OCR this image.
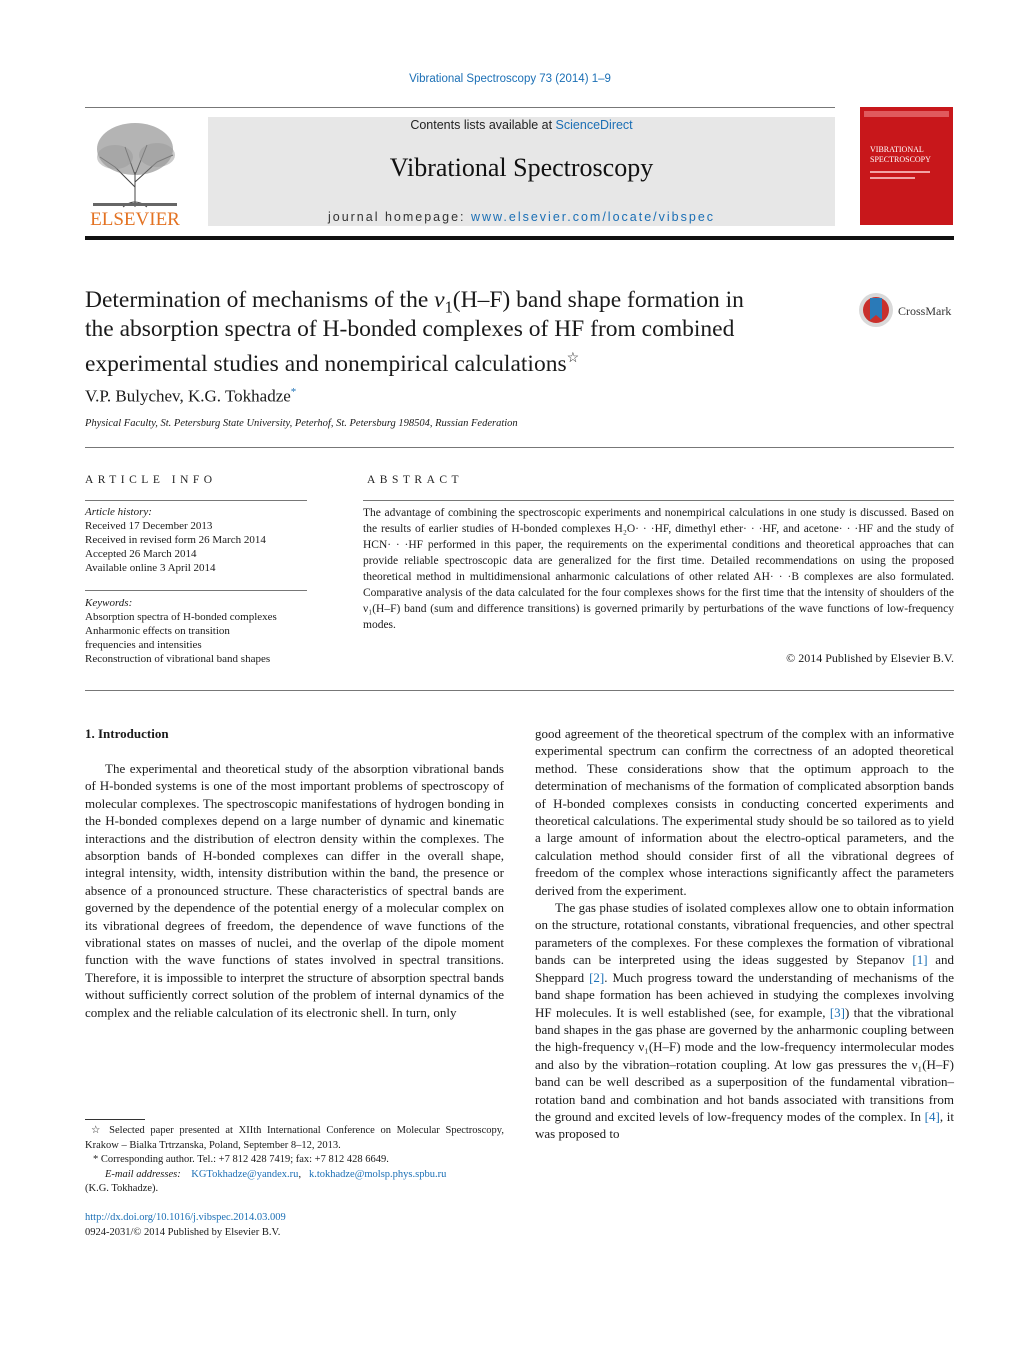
Vibrational Spectroscopy 73 (2014) 1–9
ELSEVIER
Contents lists available at ScienceDirect
Vibrational Spectroscopy
journal homepage: www.elsevier.com/locate/vibspec
VIBRATIONAL
SPECTROSCOPY
Determination of mechanisms of the $\nu_1(H-F)$ band shape formation in
the absorption spectra of H-bonded complexes of HF from combined
experimental studies and nonempirical calculations☆
CrossMark
V.P. Bulychev, K.G. Tokhadze*
Physical Faculty, St. Petersburg State University, Peterhof, St. Petersburg 198504, Russian Federation
ARTICLE INFO
Article history:
Received 17 December 2013
Received in revised form 26 March 2014
Accepted 26 March 2014
Available online 3 April 2014
Keywords:
Absorption spectra of H-bonded complexes
Anharmonic effects on transition
frequencies and intensities
Reconstruction of vibrational band shapes
ABSTRACT
The advantage of combining the spectroscopic experiments and nonempirical calculations in one study is discussed. Based on the results of earlier studies of H-bonded complexes H₂O· · ·HF, dimethyl ether· · ·HF, and acetone· · ·HF and the study of HCN· · ·HF performed in this paper, the requirements on the experimental conditions and theoretical approaches that can provide reliable spectroscopic data are generalized for the first time. Detailed recommendations on using the proposed theoretical method in multidimensional anharmonic calculations of other related AH· · ·B complexes are also formulated. Comparative analysis of the data calculated for the four complexes shows for the first time that the intensity of shoulders of the ν₁(H–F) band (sum and difference transitions) is governed primarily by perturbations of the wave functions of low-frequency modes.
© 2014 Published by Elsevier B.V.
1. Introduction

The experimental and theoretical study of the absorption vibrational bands of H-bonded systems is one of the most important problems of spectroscopy of molecular complexes. The spectroscopic manifestations of hydrogen bonding in the H-bonded complexes depend on a large number of dynamic and kinematic interactions and the distribution of electron density within the complexes. The absorption bands of H-bonded complexes can differ in the overall shape, integral intensity, width, intensity distribution within the band, the presence or absence of a pronounced structure. These characteristics of spectral bands are governed by the dependence of the potential energy of a molecular complex on its vibrational degrees of freedom, the dependence of wave functions of the vibrational states on masses of nuclei, and the overlap of the dipole moment function with the wave functions of states involved in spectral transitions. Therefore, it is impossible to interpret the structure of absorption spectral bands without sufficiently correct solution of the problem of internal dynamics of the complex and the reliable calculation of its electronic shell. In turn, only

good agreement of the theoretical spectrum of the complex with an informative experimental spectrum can confirm the correctness of an adopted theoretical method. These considerations show that the optimum approach to the determination of mechanisms of the formation of complicated absorption bands of H-bonded complexes consists in conducting concerted experiments and theoretical calculations. The experimental study should be so tailored as to yield a large amount of information about the electro-optical parameters, and the calculation method should consider first of all the vibrational degrees of freedom of the complex whose interactions significantly affect the parameters derived from the experiment.

The gas phase studies of isolated complexes allow one to obtain information on the structure, rotational constants, vibrational frequencies, and other spectral parameters of the complexes. For these complexes the formation of vibrational bands can be interpreted using the ideas suggested by Stepanov [1] and Sheppard [2]. Much progress toward the understanding of mechanisms of the band shape formation has been achieved in studying the complexes involving HF molecules. It is well established (see, for example, [3]) that the vibrational band shapes in the gas phase are governed by the anharmonic coupling between the high-frequency ν₁(H–F) mode and the low-frequency intermolecular modes and also by the vibration–rotation coupling. At low gas pressures the ν₁(H–F) band can be well described as a superposition of the fundamental vibration–rotation band and combination and hot bands associated with transitions from the ground and excited levels of low-frequency modes of the complex. In [4], it was proposed to

☆ Selected paper presented at XIIth International Conference on Molecular Spectroscopy, Krakow – Bialka Trtrzanska, Poland, September 8–12, 2013.
* Corresponding author. Tel.: +7 812 428 7419; fax: +7 812 428 6649.
E-mail addresses: KGTokhadze@yandex.ru,   k.tokhadze@molsp.phys.spbu.ru
(K.G. Tokhadze).
http://dx.doi.org/10.1016/j.vibspec.2014.03.009
0924-2031/© 2014 Published by Elsevier B.V.
